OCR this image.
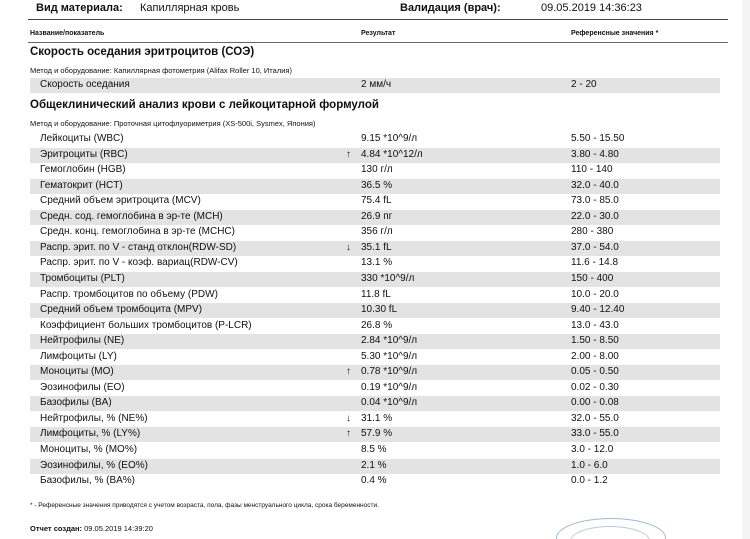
Вид материала: Капиллярная кровь	Валидация (врач):	09.05.2019 14:36:23
Название/показатель	Результат	Референсные значения *
Скорость оседания эритроцитов (СОЭ)
Метод и оборудование: Капиллярная фотометрия (Alifax Roller 10, Италия)
Скорость оседания	2 мм/ч	2 - 20
Общеклинический анализ крови с лейкоцитарной формулой
Метод и оборудование: Проточная цитофлуориметрия (XS-500i, Sysmex, Япония)
Лейкоциты (WBC)	9.15 *10^9/л	5.50 - 15.50
Эритроциты (RBC)	↑ 4.84 *10^12/л	3.80 - 4.80
Гемоглобин (HGB)	130 г/л	110 - 140
Гематокрит (HCT)	36.5 %	32.0 - 40.0
Средний объем эритроцита (MCV)	75.4 fL	73.0 - 85.0
Средн. сод. гемоглобина в эр-те (MCH)	26.9 пг	22.0 - 30.0
Средн. конц. гемоглобина в эр-те (MCHC)	356 г/л	280 - 380
Распр. эрит. по V - станд отклон(RDW-SD)	↓ 35.1 fL	37.0 - 54.0
Распр. эрит. по V - коэф. вариац(RDW-CV)	13.1 %	11.6 - 14.8
Тромбоциты (PLT)	330 *10^9/л	150 - 400
Распр. тромбоцитов по объему (PDW)	11.8 fL	10.0 - 20.0
Средний объем тромбоцита (MPV)	10.30 fL	9.40 - 12.40
Коэффициент больших тромбоцитов (P-LCR)	26.8 %	13.0 - 43.0
Нейтрофилы (NE)	2.84 *10^9/л	1.50 - 8.50
Лимфоциты (LY)	5.30 *10^9/л	2.00 - 8.00
Моноциты (MO)	↑ 0.78 *10^9/л	0.05 - 0.50
Эозинофилы (EO)	0.19 *10^9/л	0.02 - 0.30
Базофилы (BA)	0.04 *10^9/л	0.00 - 0.08
Нейтрофилы, % (NE%)	↓ 31.1 %	32.0 - 55.0
Лимфоциты, % (LY%)	↑ 57.9 %	33.0 - 55.0
Моноциты, % (MO%)	8.5 %	3.0 - 12.0
Эозинофилы, % (EO%)	2.1 %	1.0 - 6.0
Базофилы, % (BA%)	0.4 %	0.0 - 1.2
* - Референсные значения приводятся с учетом возраста, пола, фазы менструального цикла, срока беременности.
Отчет создан: 09.05.2019 14:39:20
